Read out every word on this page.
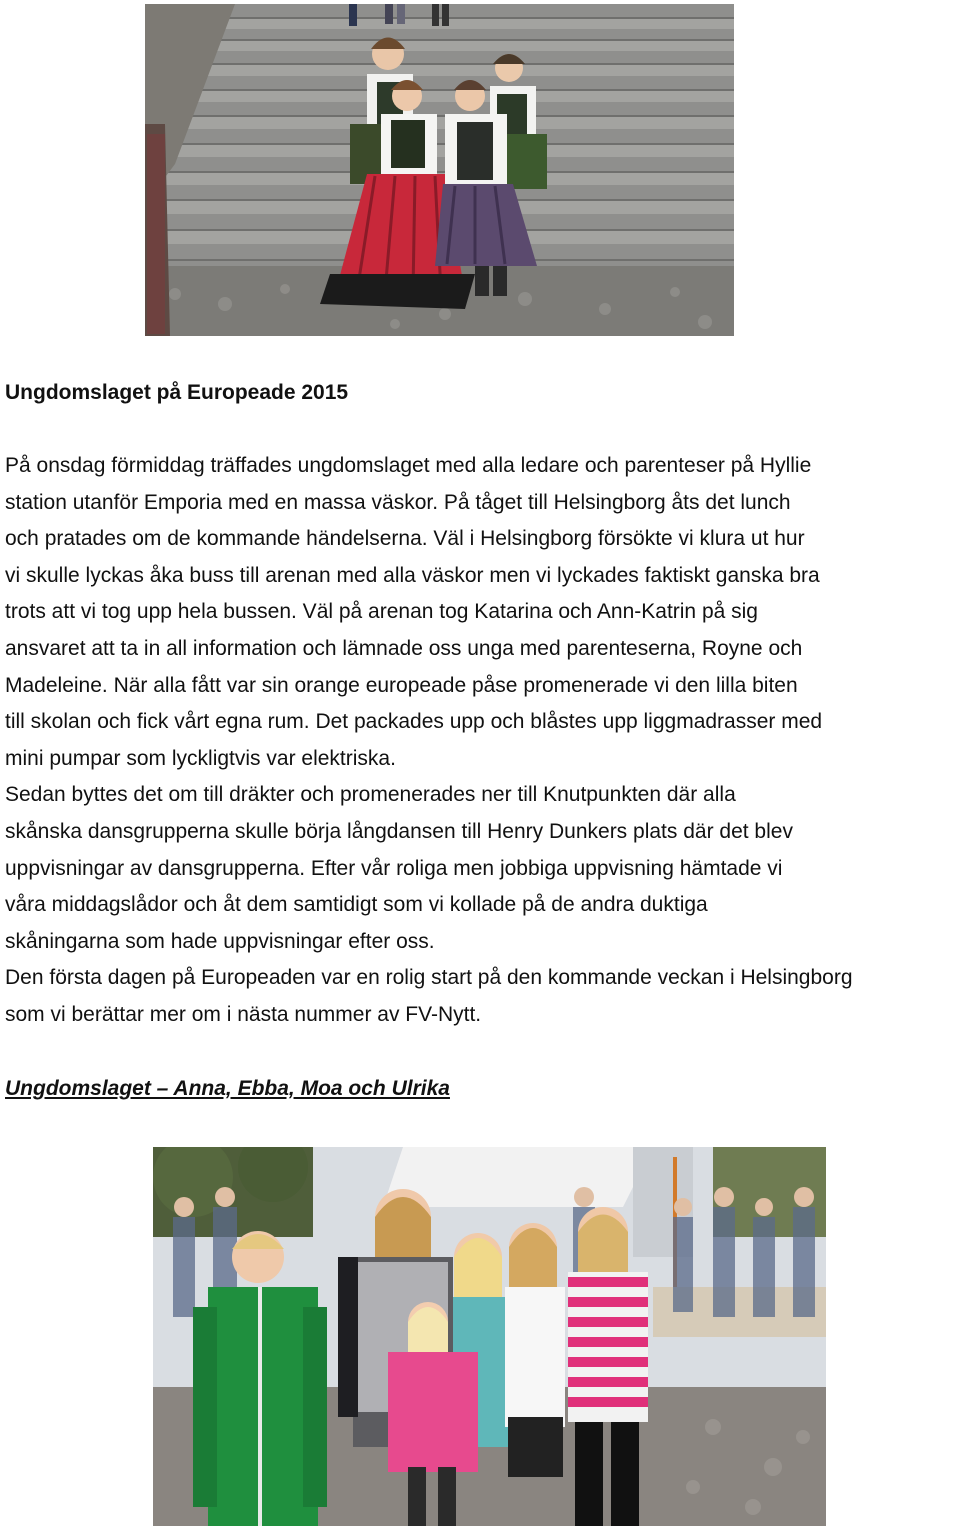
Ungdomslaget på Europeade 2015
På onsdag förmiddag träffades ungdomslaget med alla ledare och parenteser på Hyllie
station utanför Emporia med en massa väskor. På tåget till Helsingborg åts det lunch
och pratades om de kommande händelserna. Väl i Helsingborg försökte vi klura ut hur
vi skulle lyckas åka buss till arenan med alla väskor men vi lyckades faktiskt ganska bra
trots att vi tog upp hela bussen. Väl på arenan tog Katarina och Ann-Katrin på sig
ansvaret att ta in all information och lämnade oss unga med parenteserna, Royne och
Madeleine. När alla fått var sin orange europeade påse promenerade vi den lilla biten
till skolan och fick vårt egna rum. Det packades upp och blåstes upp liggmadrasser med
mini pumpar som lyckligtvis var elektriska.
Sedan byttes det om till dräkter och promenerades ner till Knutpunkten där alla
skånska dansgrupperna skulle börja långdansen till Henry Dunkers plats där det blev
uppvisningar av dansgrupperna. Efter vår roliga men jobbiga uppvisning hämtade vi
våra middagslådor och åt dem samtidigt som vi kollade på de andra duktiga
skåningarna som hade uppvisningar efter oss.
Den första dagen på Europeaden var en rolig start på den kommande veckan i Helsingborg
som vi berättar mer om i nästa nummer av FV-Nytt.
Ungdomslaget – Anna, Ebba, Moa och Ulrika
